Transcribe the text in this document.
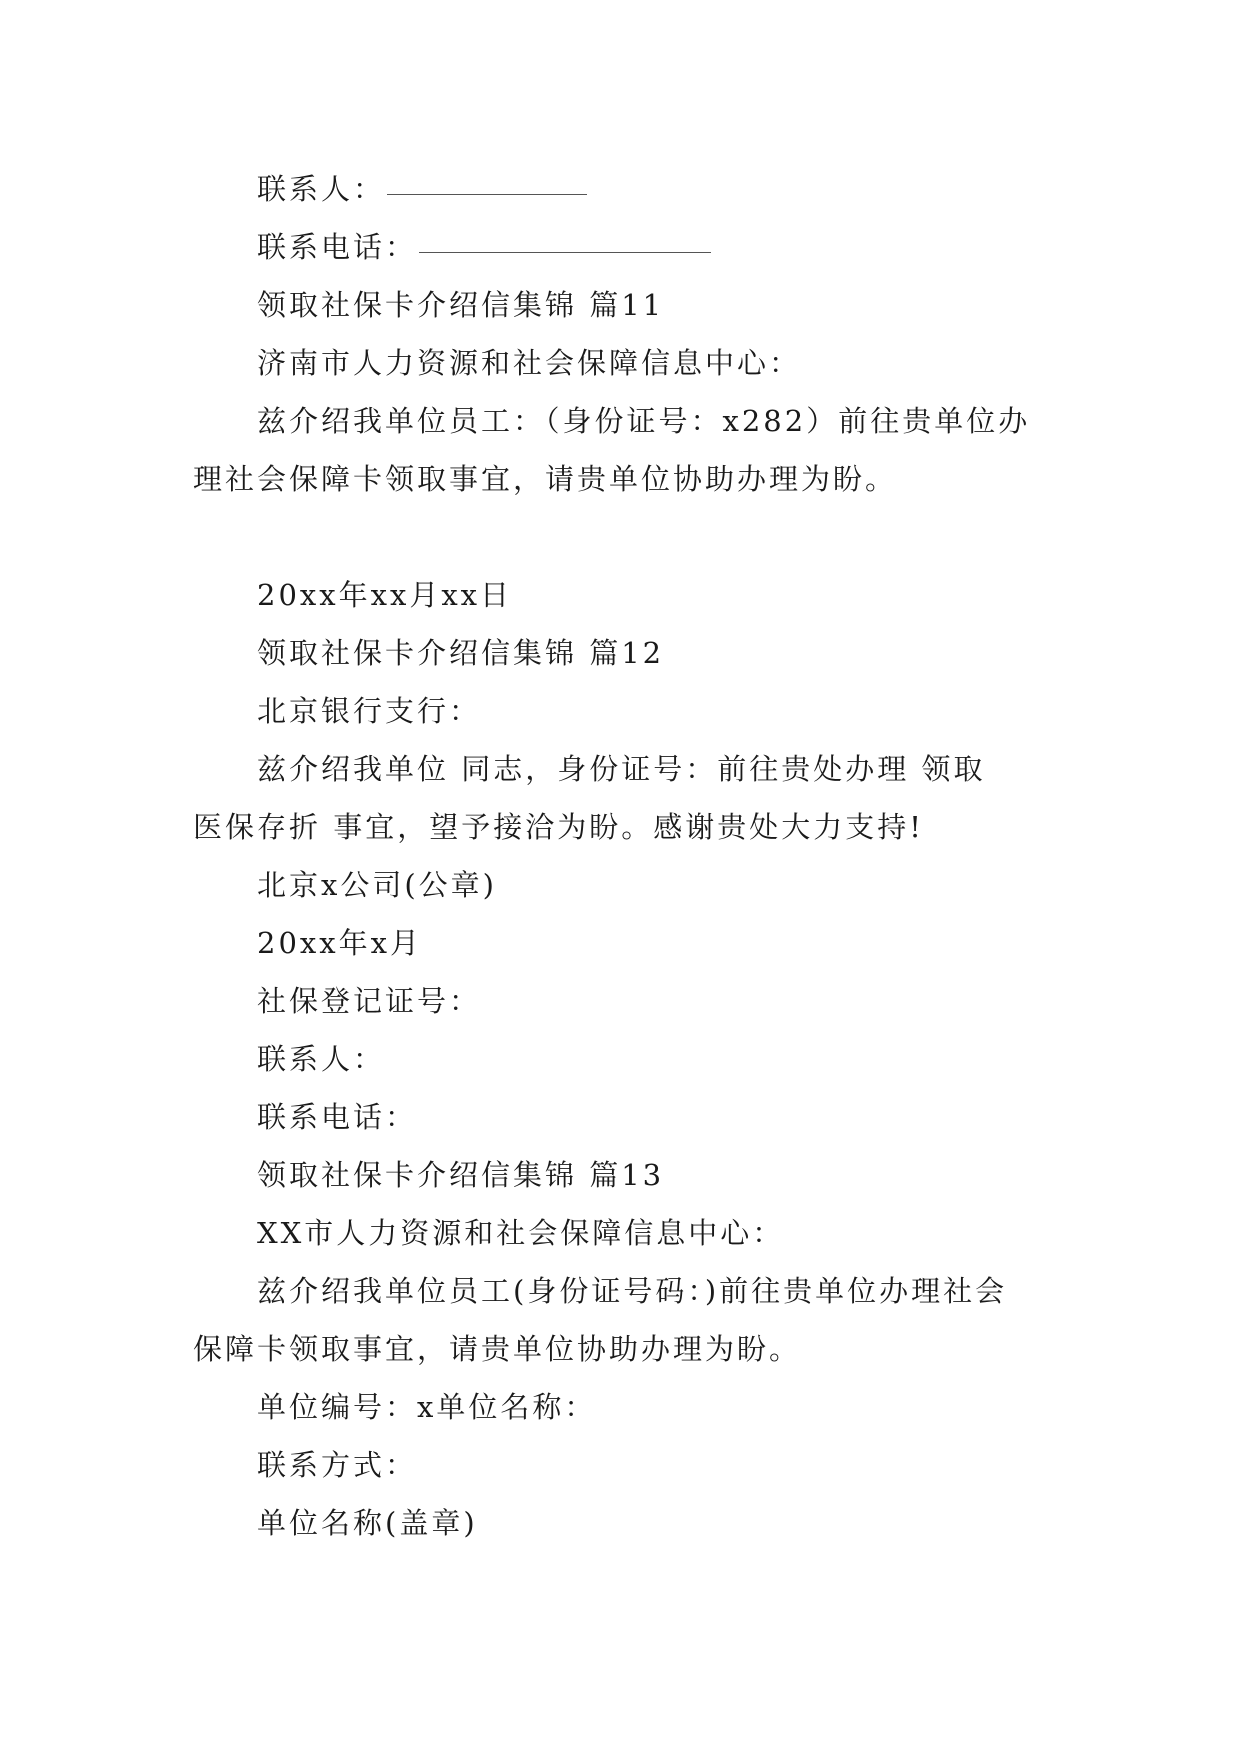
联系人：
联系电话：
领取社保卡介绍信集锦 篇11
济南市人力资源和社会保障信息中心：
兹介绍我单位员工：（身份证号：x282）前往贵单位办
理社会保障卡领取事宜，请贵单位协助办理为盼。
20xx年xx月xx日
领取社保卡介绍信集锦 篇12
北京银行支行：
兹介绍我单位 同志，身份证号：前往贵处办理 领取
医保存折 事宜，望予接洽为盼。感谢贵处大力支持!
北京x公司(公章)
20xx年x月
社保登记证号：
联系人：
联系电话：
领取社保卡介绍信集锦 篇13
XX市人力资源和社会保障信息中心：
兹介绍我单位员工(身份证号码：)前往贵单位办理社会
保障卡领取事宜，请贵单位协助办理为盼。
单位编号：x单位名称：
联系方式：
单位名称(盖章)
